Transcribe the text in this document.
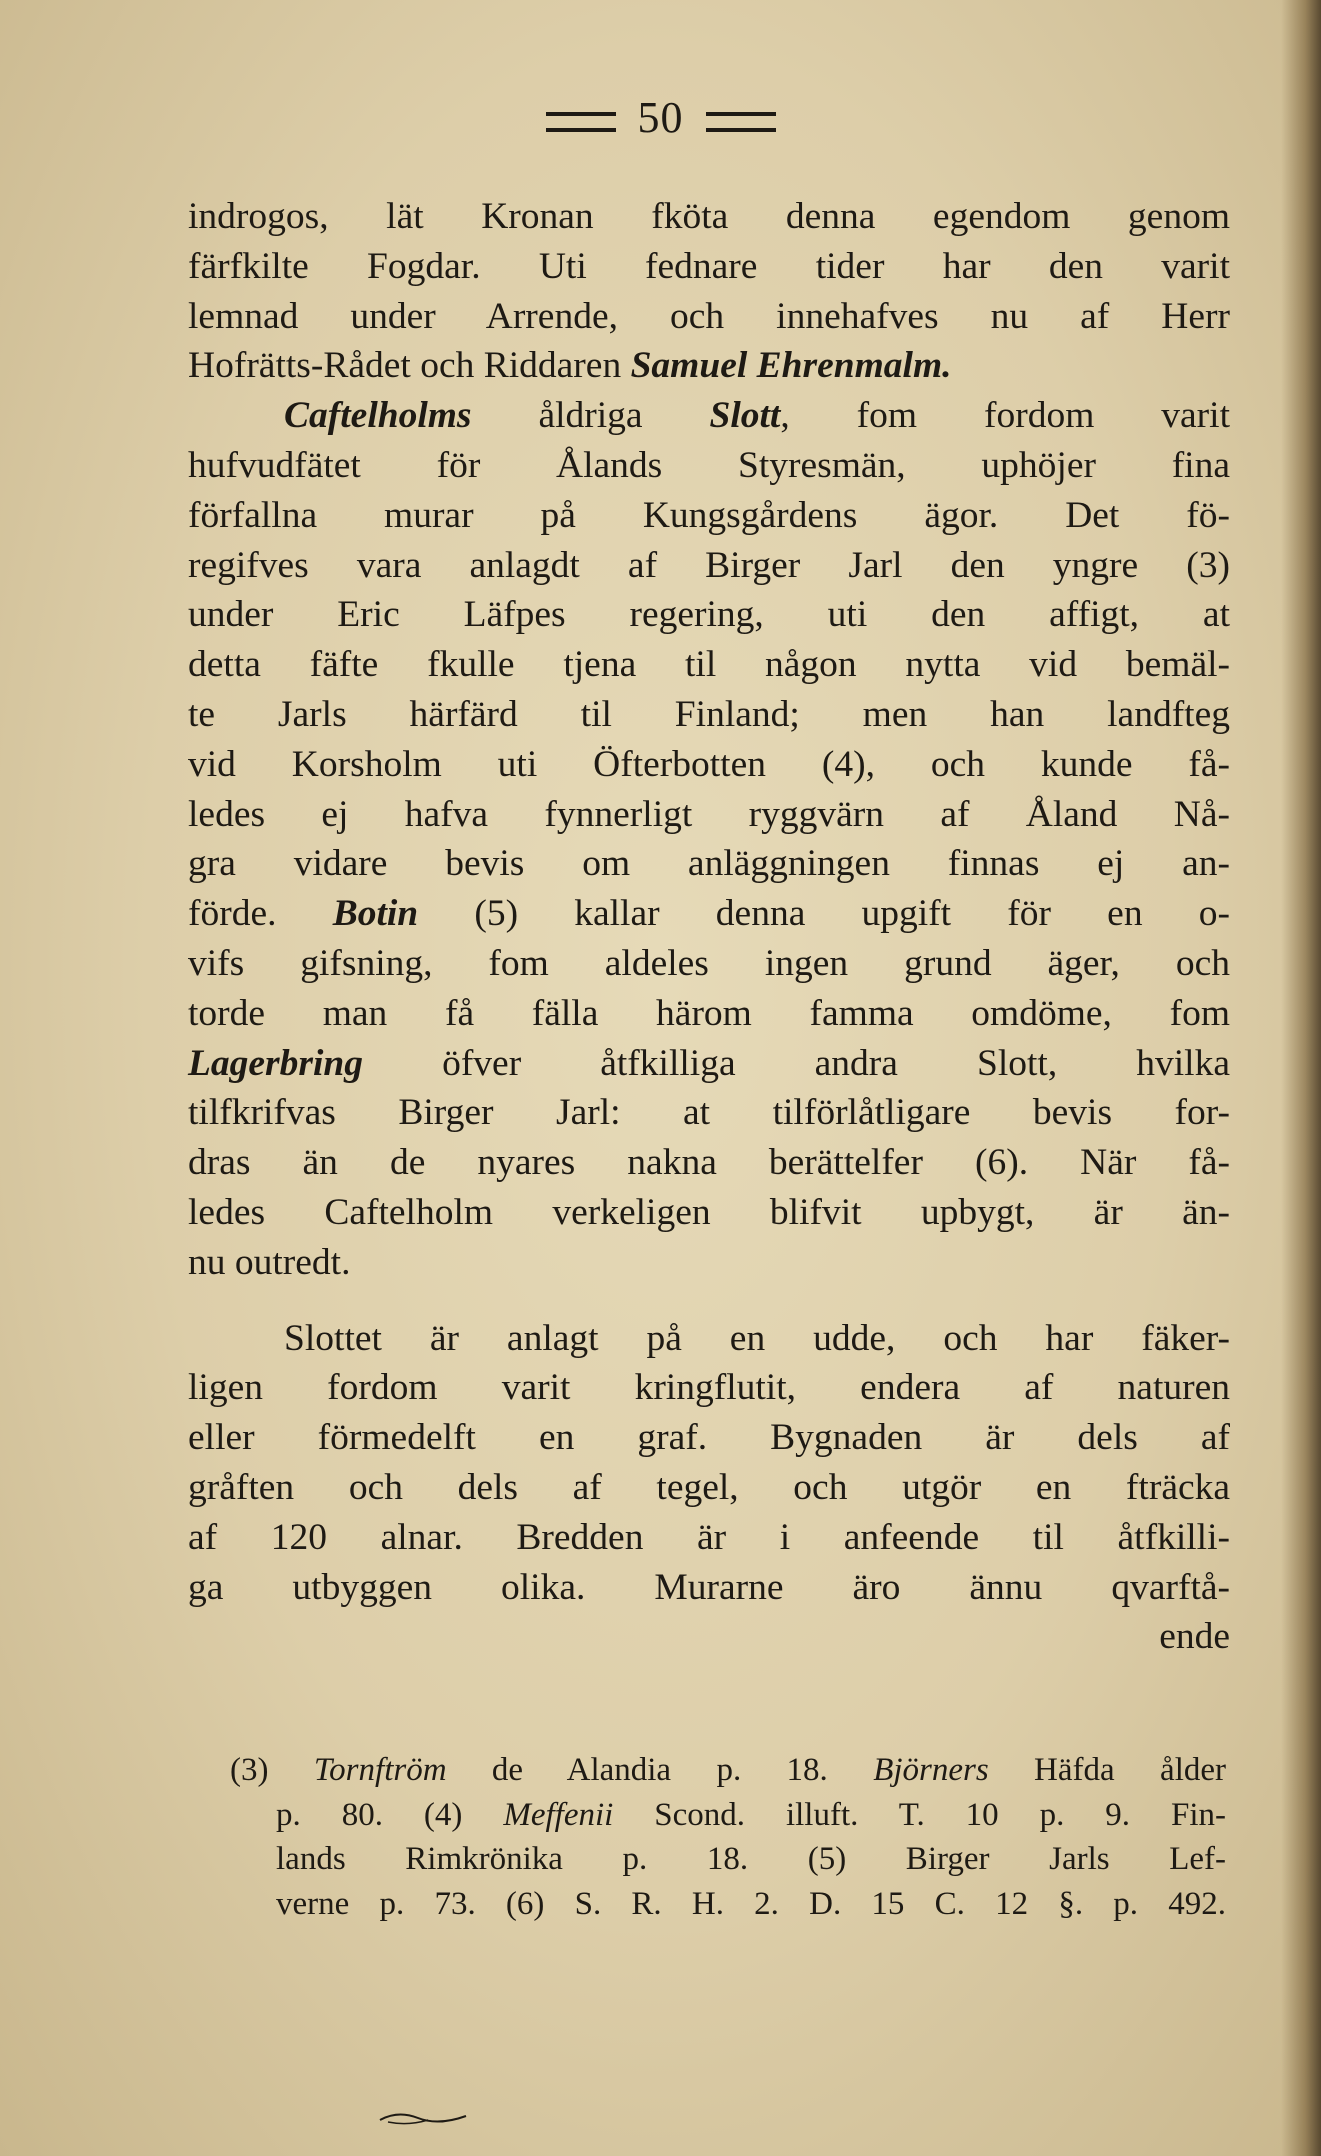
50
indrogos, lät Kronan fköta denna egendom genom
färfkilte Fogdar. Uti fednare tider har den varit
lemnad under Arrende, och innehafves nu af Herr
Hofrätts-Rådet och Riddaren Samuel Ehrenmalm.
Caftelholms åldriga Slott, fom fordom varit
hufvudfätet för Ålands Styresmän, uphöjer fina
förfallna murar på Kungsgårdens ägor. Det fö-
regifves vara anlagdt af Birger Jarl den yngre (3)
under Eric Läfpes regering, uti den affigt, at
detta fäfte fkulle tjena til någon nytta vid bemäl-
te Jarls härfärd til Finland; men han landfteg
vid Korsholm uti Öfterbotten (4), och kunde få-
ledes ej hafva fynnerligt ryggvärn af Åland Nå-
gra vidare bevis om anläggningen finnas ej an-
förde. Botin (5) kallar denna upgift för en o-
vifs gifsning, fom aldeles ingen grund äger, och
torde man få fälla härom famma omdöme, fom
Lagerbring öfver åtfkilliga andra Slott, hvilka
tilfkrifvas Birger Jarl: at tilförlåtligare bevis for-
dras än de nyares nakna berättelfer (6). När få-
ledes Caftelholm verkeligen blifvit upbygt, är än-
nu outredt.
Slottet är anlagt på en udde, och har fäker-
ligen fordom varit kringflutit, endera af naturen
eller förmedelft en graf. Bygnaden är dels af
gråften och dels af tegel, och utgör en fträcka
af 120 alnar. Bredden är i anfeende til åtfkilli-
ga utbyggen olika. Murarne äro ännu qvarftå-
ende
(3) Tornftröm de Alandia p. 18. Björners Häfda ålder
p. 80. (4) Meffenii Scond. illuft. T. 10 p. 9. Fin-
lands Rimkrönika p. 18. (5) Birger Jarls Lef-
verne p. 73. (6) S. R. H. 2. D. 15 C. 12 §. p. 492.
